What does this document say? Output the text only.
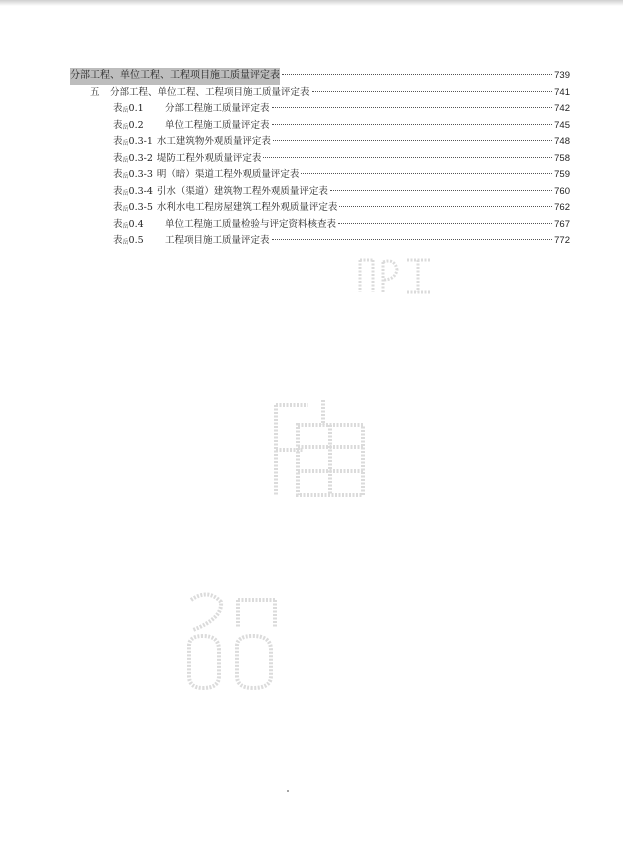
分部工程、单位工程、工程项目施工质量评定表	739
五	分部工程、单位工程、工程项目施工质量评定表	741
表$_岳$0.1	分部工程施工质量评定表	742
表$_岳$0.2	单位工程施工质量评定表	745
表$_岳$0.3-1 水工建筑物外观质量评定表	748
表$_岳$0.3-2 堤防工程外观质量评定表	758
表$_岳$0.3-3 明（暗）渠道工程外观质量评定表	759
表$_岳$0.3-4 引水（渠道）建筑物工程外观质量评定表	760
表$_岳$0.3-5 水利水电工程房屋建筑工程外观质量评定表	762
表$_岳$0.4	单位工程施工质量检验与评定资料核查表	767
表$_岳$0.5	工程项目施工质量评定表	772
